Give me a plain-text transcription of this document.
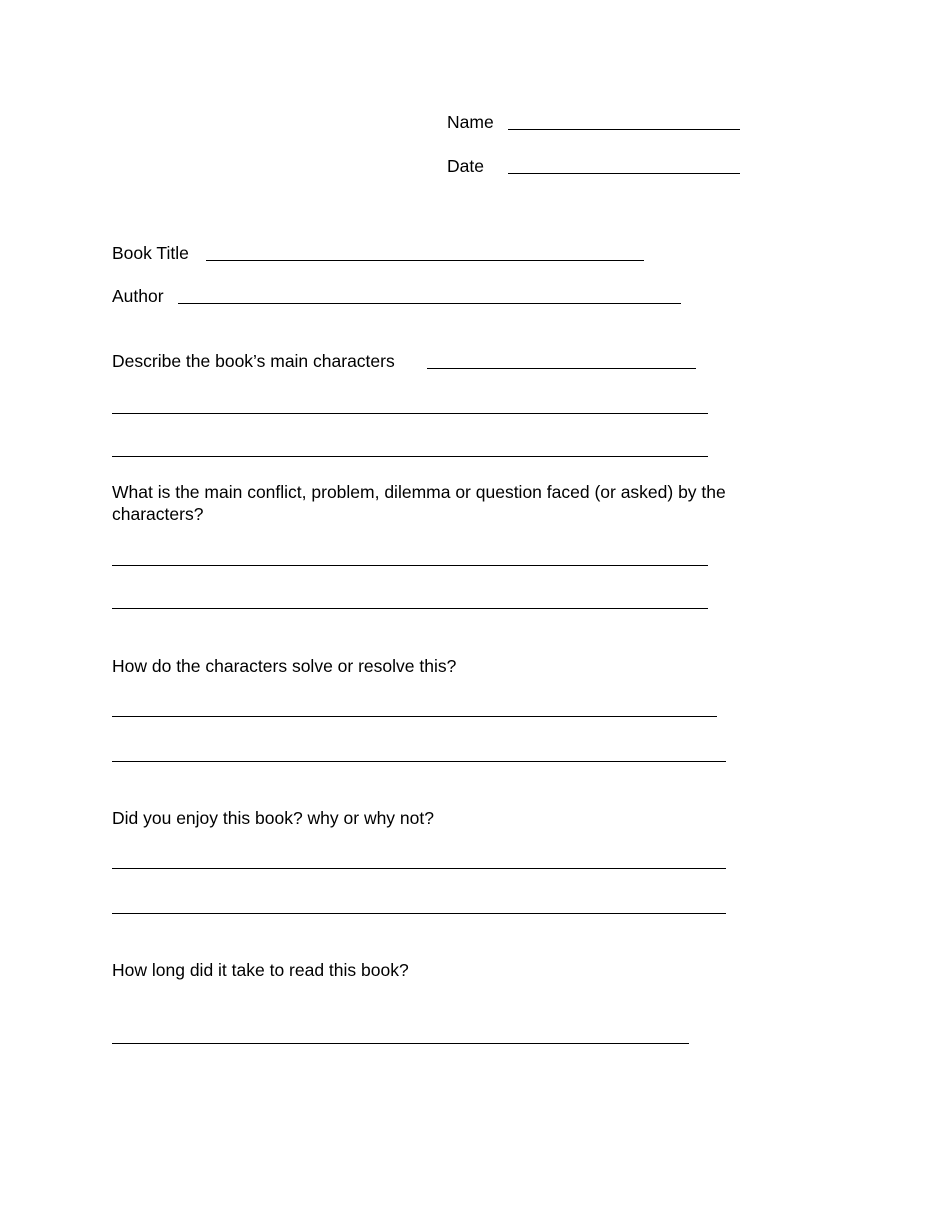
Name

Date

Book Title

Author

Describe the book’s main characters

What is the main conflict, problem, dilemma or question faced (or asked) by the characters?

How do the characters solve or resolve this?

Did you enjoy this book? why or why not?

How long did it take to read this book?
